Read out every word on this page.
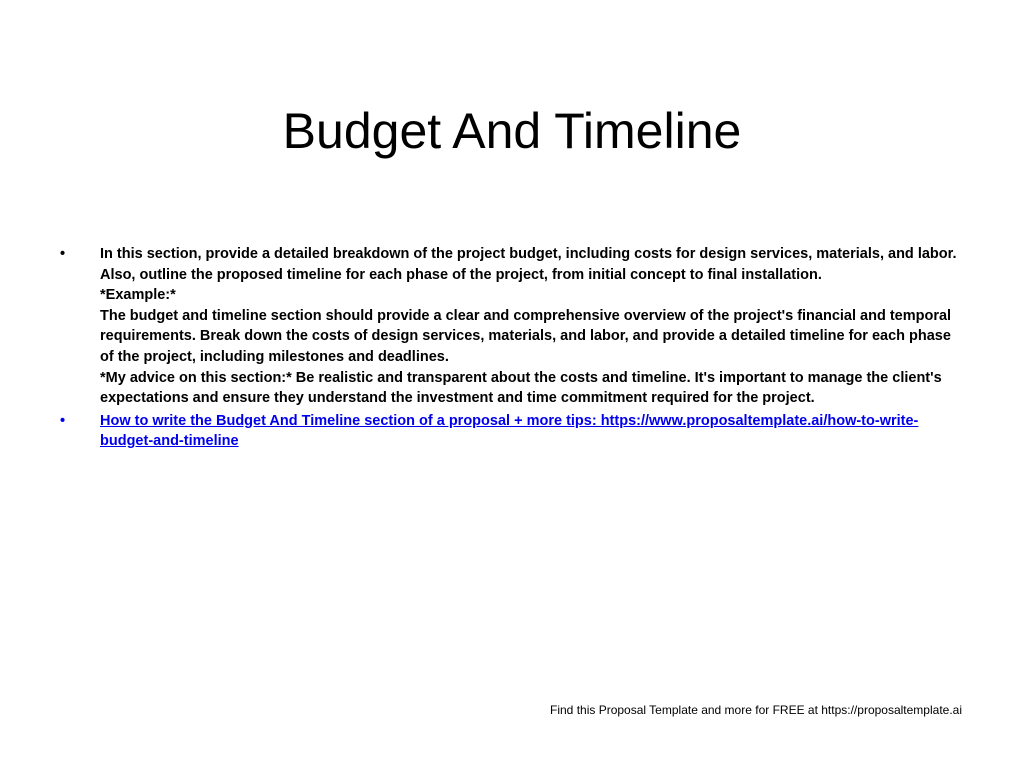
Budget And Timeline
• In this section, provide a detailed breakdown of the project budget, including costs for design services, materials, and labor. Also, outline the proposed timeline for each phase of the project, from initial concept to final installation.
*Example:*
The budget and timeline section should provide a clear and comprehensive overview of the project's financial and temporal requirements. Break down the costs of design services, materials, and labor, and provide a detailed timeline for each phase of the project, including milestones and deadlines.
*My advice on this section:* Be realistic and transparent about the costs and timeline. It's important to manage the client's expectations and ensure they understand the investment and time commitment required for the project.
• How to write the Budget And Timeline section of a proposal + more tips: https://www.proposaltemplate.ai/how-to-write-budget-and-timeline
Find this Proposal Template and more for FREE at https://proposaltemplate.ai
